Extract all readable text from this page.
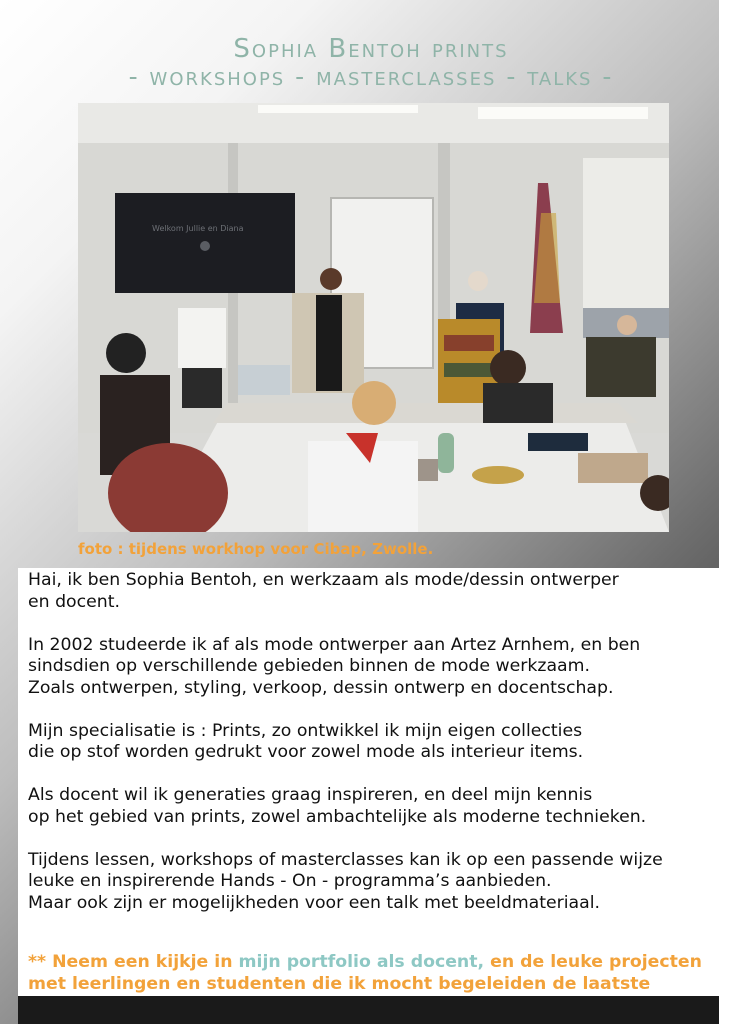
Sophia Bentoh prints
- workshops - masterclasses - talks -
Welkom Jullie en Diana
foto : tijdens workhop voor Cibap, Zwolle.
Hai, ik ben Sophia Bentoh, en werkzaam als mode/dessin ontwerper
en docent.

In 2002 studeerde ik af als mode ontwerper aan Artez Arnhem, en ben
sindsdien op verschillende gebieden binnen de mode werkzaam.
Zoals ontwerpen, styling, verkoop, dessin ontwerp en docentschap.

Mijn specialisatie is : Prints, zo ontwikkel ik mijn eigen collecties
die op stof worden gedrukt voor zowel mode als interieur items.

Als docent wil ik generaties graag inspireren, en deel mijn kennis
op het gebied van prints, zowel ambachtelijke als moderne technieken.

Tijdens lessen, workshops of masterclasses kan ik op een passende wijze
leuke en inspirerende Hands - On - programma’s aanbieden.
Maar ook zijn er mogelijkheden voor een talk met beeldmateriaal.
** Neem een kijkje in mijn portfolio als docent, en de leuke projecten
met leerlingen en studenten die ik mocht begeleiden de laatste
